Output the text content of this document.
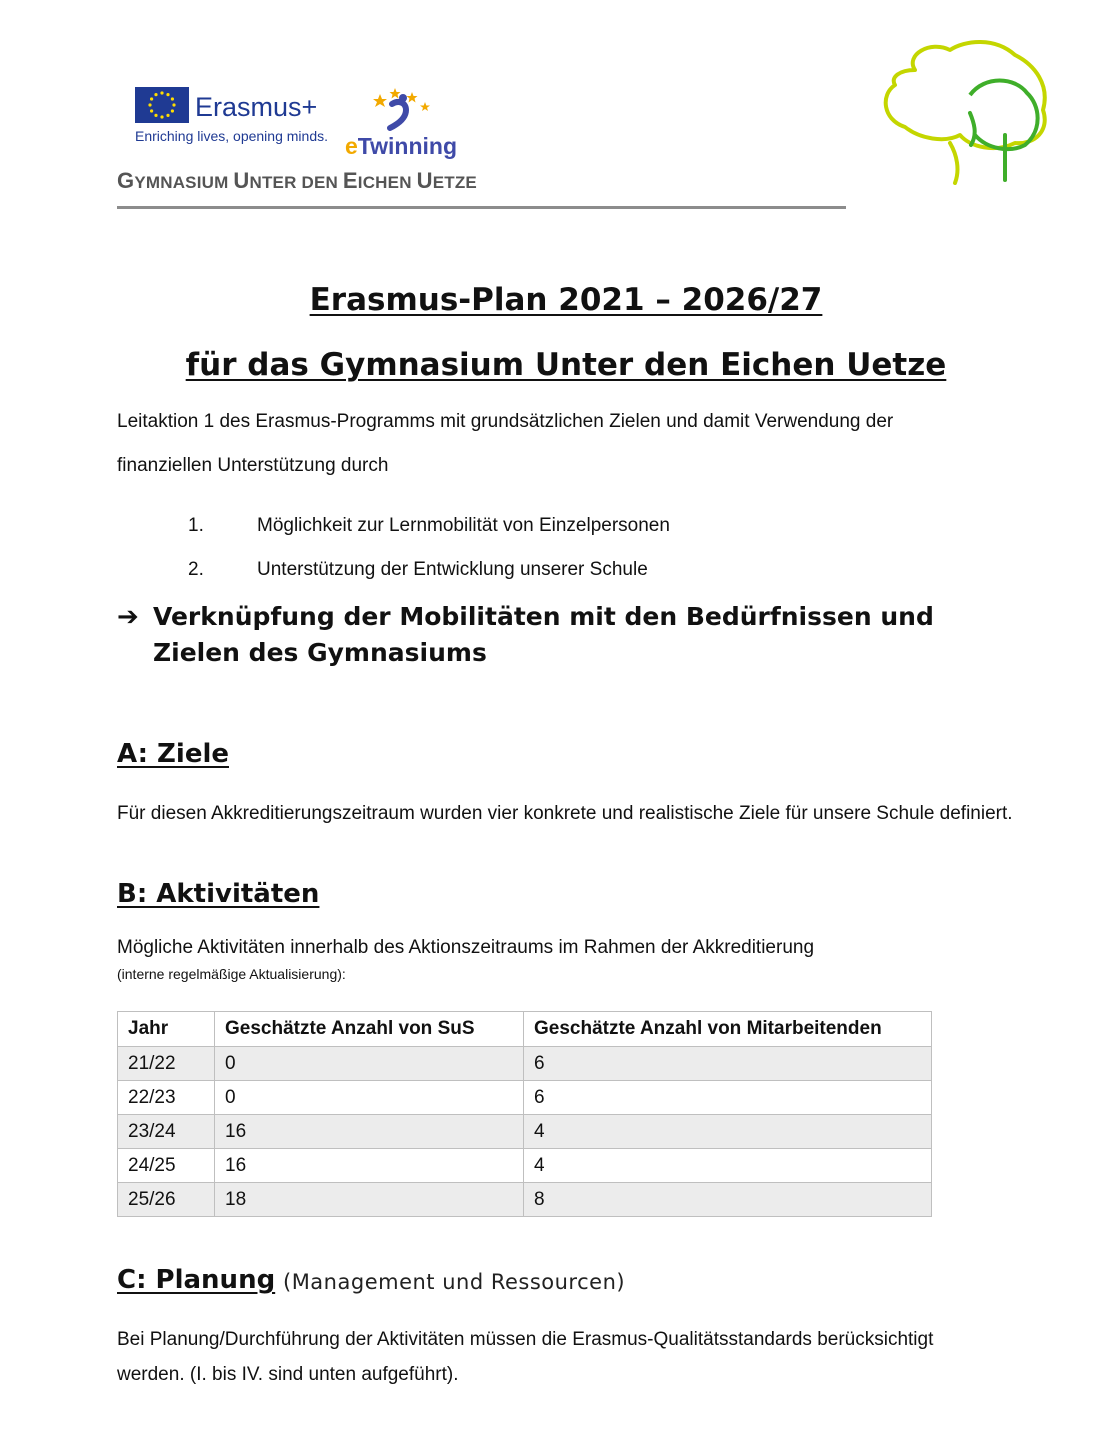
Erasmus+
Enriching lives, opening minds. eTwinning
GYMNASIUM UNTER DEN EICHEN UETZE
Erasmus-Plan 2021 – 2026/27
für das Gymnasium Unter den Eichen Uetze
Leitaktion 1 des Erasmus-Programms mit grundsätzlichen Zielen und damit Verwendung der
finanziellen Unterstützung durch
1.	Möglichkeit zur Lernmobilität von Einzelpersonen
2.	Unterstützung der Entwicklung unserer Schule
➔ Verknüpfung der Mobilitäten mit den Bedürfnissen und Zielen des Gymnasiums
A: Ziele
Für diesen Akkreditierungszeitraum wurden vier konkrete und realistische Ziele für unsere Schule definiert.
B: Aktivitäten
Mögliche Aktivitäten innerhalb des Aktionszeitraums im Rahmen der Akkreditierung
(interne regelmäßige Aktualisierung):
Jahr	Geschätzte Anzahl von SuS	Geschätzte Anzahl von Mitarbeitenden
21/22	0	6
22/23	0	6
23/24	16	4
24/25	16	4
25/26	18	8
C: Planung (Management und Ressourcen)
Bei Planung/Durchführung der Aktivitäten müssen die Erasmus-Qualitätsstandards berücksichtigt werden. (I. bis IV. sind unten aufgeführt).
